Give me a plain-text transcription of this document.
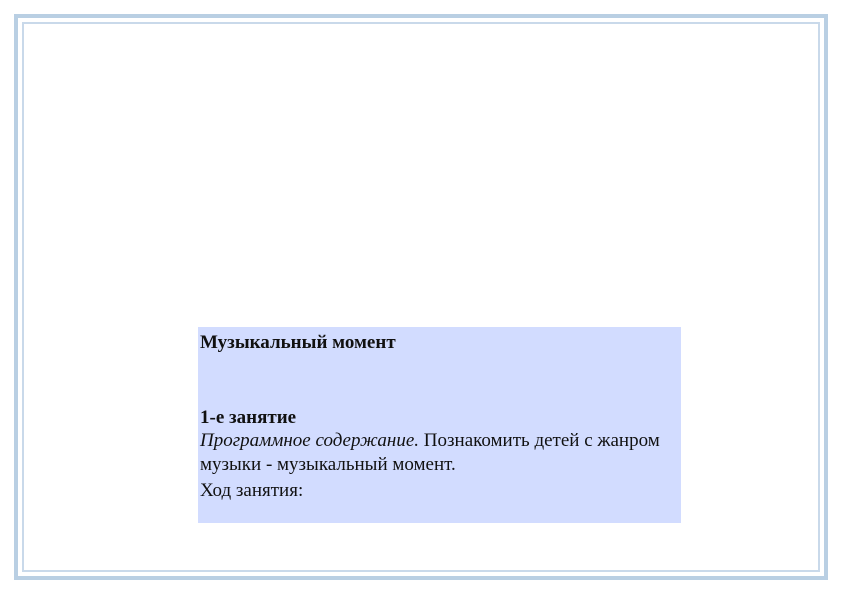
Музыкальный момент

1-е занятие

Программное содержание. Познакомить детей с жанром музыки - музыкальный момент.

Ход занятия:
